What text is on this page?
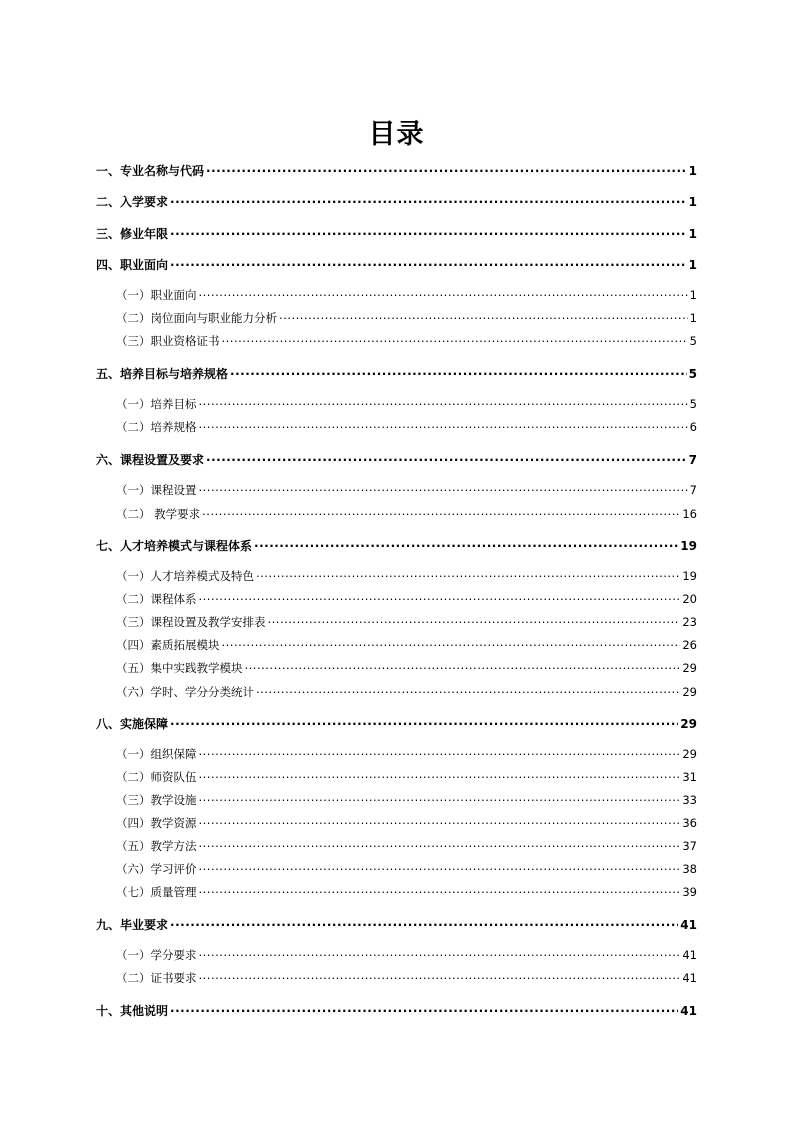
目录
一、专业名称与代码 .....	1
二、入学要求 .....	1
三、修业年限 .....	1
四、职业面向 .....	1
（一）职业面向 .....	1
（二）岗位面向与职业能力分析 .....	1
（三）职业资格证书 .....	5
五、培养目标与培养规格 .....	5
（一）培养目标 .....	5
（二）培养规格 .....	6
六、课程设置及要求 .....	7
（一）课程设置 .....	7
（二） 教学要求 .....	16
七、人才培养模式与课程体系 .....	19
（一）人才培养模式及特色 .....	19
（二）课程体系 .....	20
（三）课程设置及教学安排表 .....	23
（四）素质拓展模块 .....	26
（五）集中实践教学模块 .....	29
（六）学时、学分分类统计 .....	29
八、实施保障 .....	29
（一）组织保障 .....	29
（二）师资队伍 .....	31
（三）教学设施 .....	33
（四）教学资源 .....	36
（五）教学方法 .....	37
（六）学习评价 .....	38
（七）质量管理 .....	39
九、毕业要求 .....	41
（一）学分要求 .....	41
（二）证书要求 .....	41
十、其他说明 .....	41
